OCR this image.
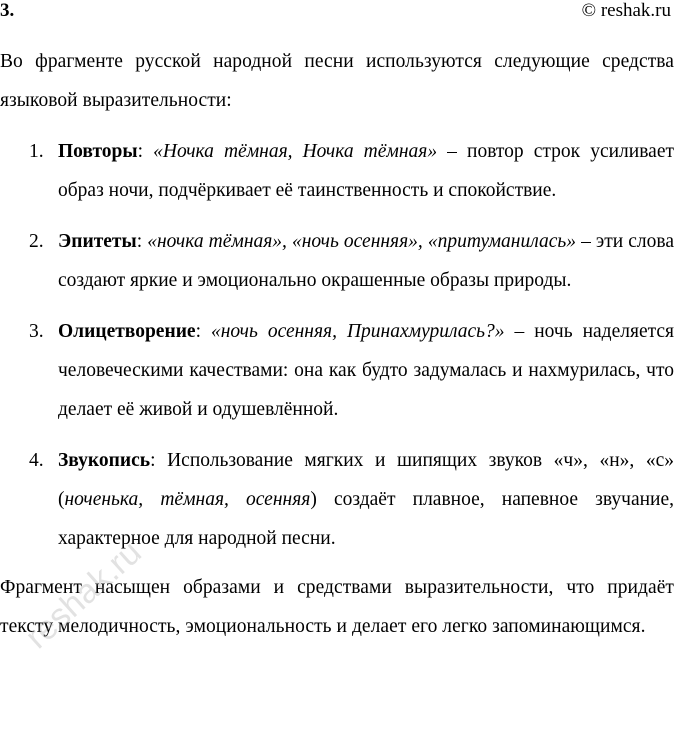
3.	© reshak.ru

Во фрагменте русской народной песни используются следующие средства языковой выразительности:

1. Повторы: «Ночка тёмная, Ночка тёмная» – повтор строк усиливает образ ночи, подчёркивает её таинственность и спокойствие.
2. Эпитеты: «ночка тёмная», «ночь осенняя», «притуманилась» – эти слова создают яркие и эмоционально окрашенные образы природы.
3. Олицетворение: «ночь осенняя, Принахмурилась?» – ночь наделяется человеческими качествами: она как будто задумалась и нахмурилась, что делает её живой и одушевлённой.
4. Звукопись: Использование мягких и шипящих звуков «ч», «н», «с» (ноченька, тёмная, осенняя) создаёт плавное, напевное звучание, характерное для народной песни.

Фрагмент насыщен образами и средствами выразительности, что придаёт тексту мелодичность, эмоциональность и делает его легко запоминающимся.

reshak.ru
